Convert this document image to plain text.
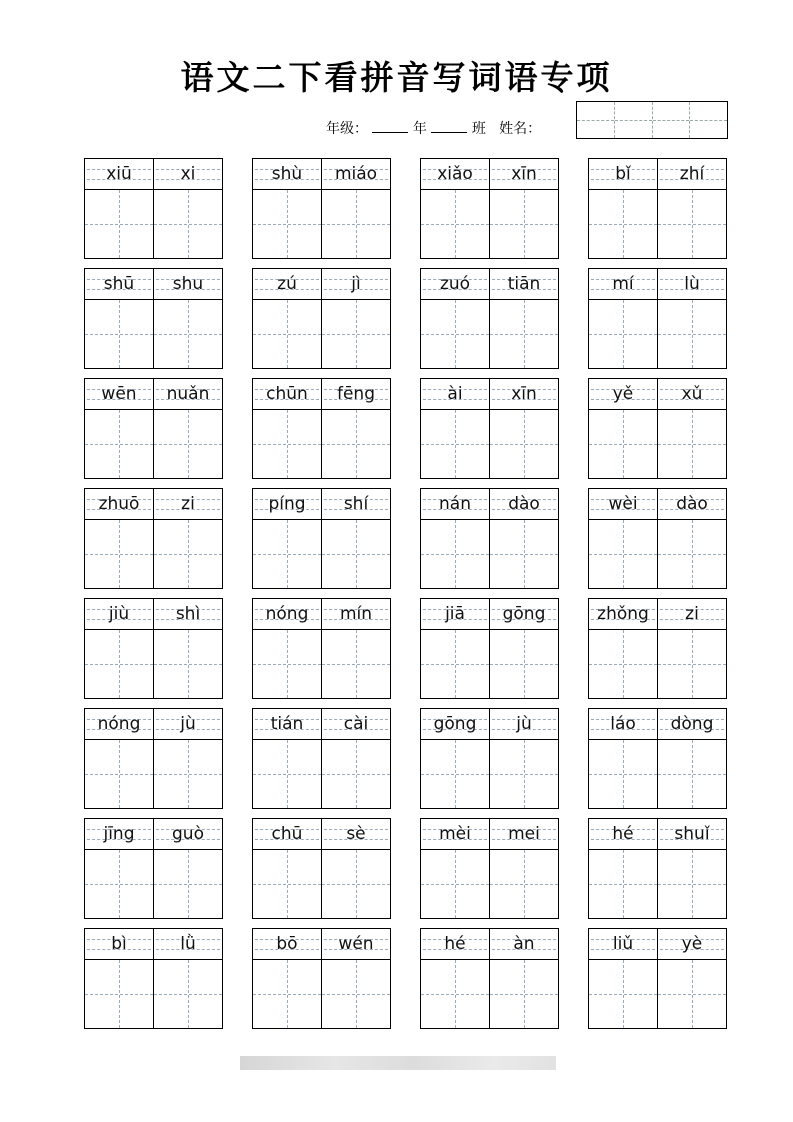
语文二下看拼音写词语专项
年级：	年	班 姓名：
xiū	xi	shù	miáo	xiǎo	xīn	bǐ	zhí
shū	shu	zú	jì	zuó	tiān	mí	lù
wēn	nuǎn	chūn	fēng	ài	xīn	yě	xǔ
zhuō	zi	píng	shí	nán	dào	wèi	dào
jiù	shì	nóng	mín	jiā	gōng	zhǒng	zi
nóng	jù	tián	cài	gōng	jù	láo	dòng
jīng	guò	chū	sè	mèi	mei	hé	shuǐ
bì	lǜ	bō	wén	hé	àn	liǔ	yè
